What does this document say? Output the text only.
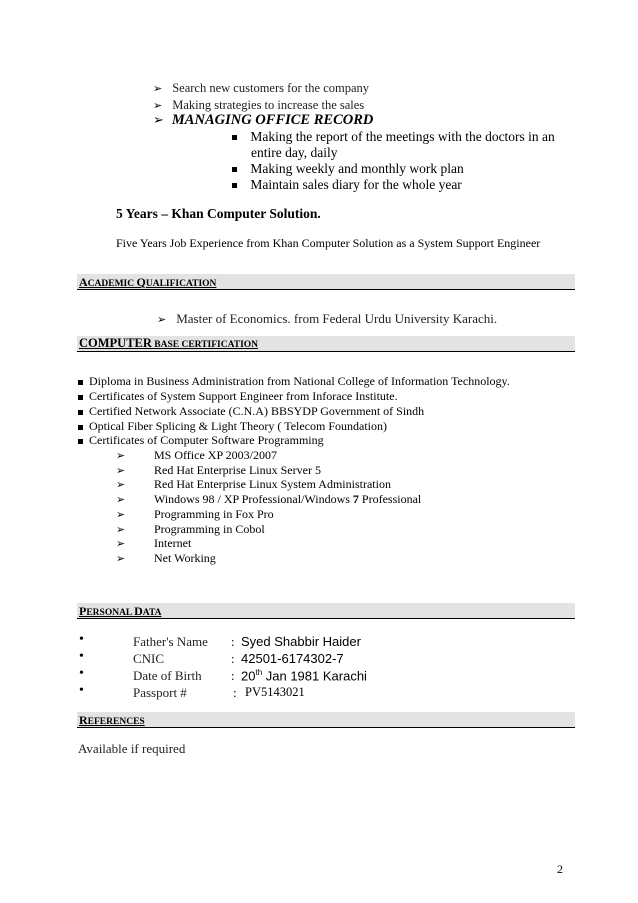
➢ Search new customers for the company
➢ Making strategies to increase the sales
➢ MANAGING OFFICE RECORD
Making the report of the meetings with the doctors in an
entire day, daily
Making weekly and monthly work plan
Maintain sales diary for the whole year
5 Years – Khan Computer Solution.
Five Years Job Experience from Khan Computer Solution as a System Support Engineer
ACADEMIC QUALIFICATION
➢ Master of Economics. from Federal Urdu University Karachi.
COMPUTER BASE CERTIFICATION
Diploma in Business Administration from National College of Information Technology.
Certificates of System Support Engineer from Inforace Institute.
Certified Network Associate (C.N.A) BBSYDP Government of Sindh
Optical Fiber Splicing & Light Theory ( Telecom Foundation)
Certificates of Computer Software Programming
➢ MS Office XP 2003/2007
➢ Red Hat Enterprise Linux Server 5
➢ Red Hat Enterprise Linux System Administration
➢ Windows 98 / XP Professional/Windows 7 Professional
➢ Programming in Fox Pro
➢ Programming in Cobol
➢ Internet
➢ Net Working
PERSONAL DATA
•	Father's Name : Syed Shabbir Haider
•	CNIC	: 42501-6174302-7
•	Date of Birth : 20th Jan 1981 Karachi
•	Passport #	: PV5143021
REFERENCES
Available if required
2
